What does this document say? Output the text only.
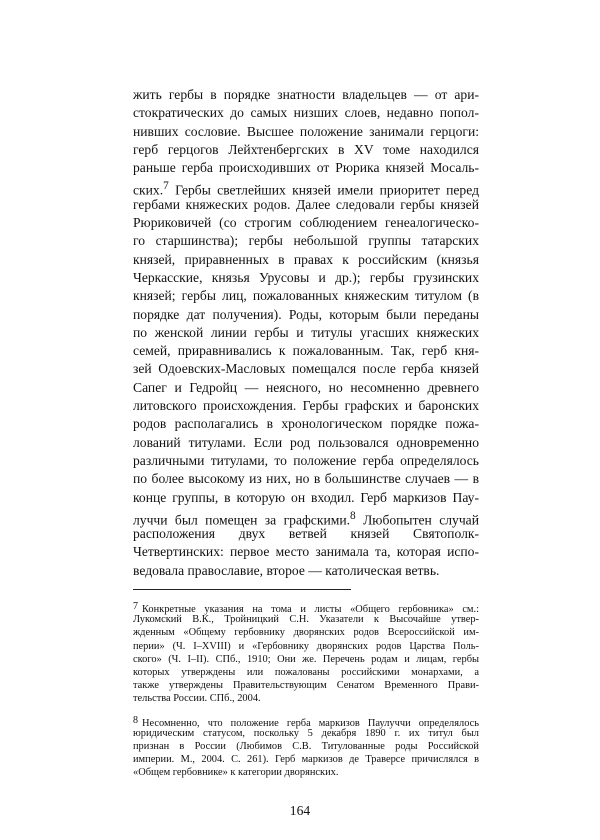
жить гербы в порядке знатности владельцев — от ари-
стократических до самых низших слоев, недавно попол-
нивших сословие. Высшее положение занимали герцоги:
герб герцогов Лейхтенбергских в XV томе находился
раньше герба происходивших от Рюрика князей Мосаль-
ских.$^7$ Гербы светлейших князей имели приоритет перед
гербами княжеских родов. Далее следовали гербы князей
Рюриковичей (со строгим соблюдением генеалогическо-
го старшинства); гербы небольшой группы татарских
князей, приравненных в правах к российским (князья
Черкасские, князья Урусовы и др.); гербы грузинских
князей; гербы лиц, пожалованных княжеским титулом (в
порядке дат получения). Роды, которым были переданы
по женской линии гербы и титулы угасших княжеских
семей, приравнивались к пожалованным. Так, герб кня-
зей Одоевских-Масловых помещался после герба князей
Сапег и Гедройц — неясного, но несомненно древнего
литовского происхождения. Гербы графских и баронских
родов располагались в хронологическом порядке пожа-
лований титулами. Если род пользовался одновременно
различными титулами, то положение герба определялось
по более высокому из них, но в большинстве случаев — в
конце группы, в которую он входил. Герб маркизов Пау-
луччи был помещен за графскими.$^8$ Любопытен случай
расположения двух ветвей князей Святополк-
Четвертинских: первое место занимала та, которая испо-
ведовала православие, второе — католическая ветвь.
7 Конкретные указания на тома и листы «Общего гербовника» см.:
Лукомский В.К., Тройницкий С.Н. Указатели к Высочайше утвер-
жденным «Общему гербовнику дворянских родов Всероссийской им-
перии» (Ч. I–XVIII) и «Гербовнику дворянских родов Царства Поль-
ского» (Ч. I–II). СПб., 1910; Они же. Перечень родам и лицам, гербы
которых утверждены или пожалованы российскими монархами, а
также утверждены Правительствующим Сенатом Временного Прави-
тельства России. СПб., 2004.
8 Несомненно, что положение герба маркизов Паулуччи определялось
юридическим статусом, поскольку 5 декабря 1890 г. их титул был
признан в России (Любимов С.В. Титулованные роды Российской
империи. М., 2004. С. 261). Герб маркизов де Траверсе причислялся в
«Общем гербовнике» к категории дворянских.
164
